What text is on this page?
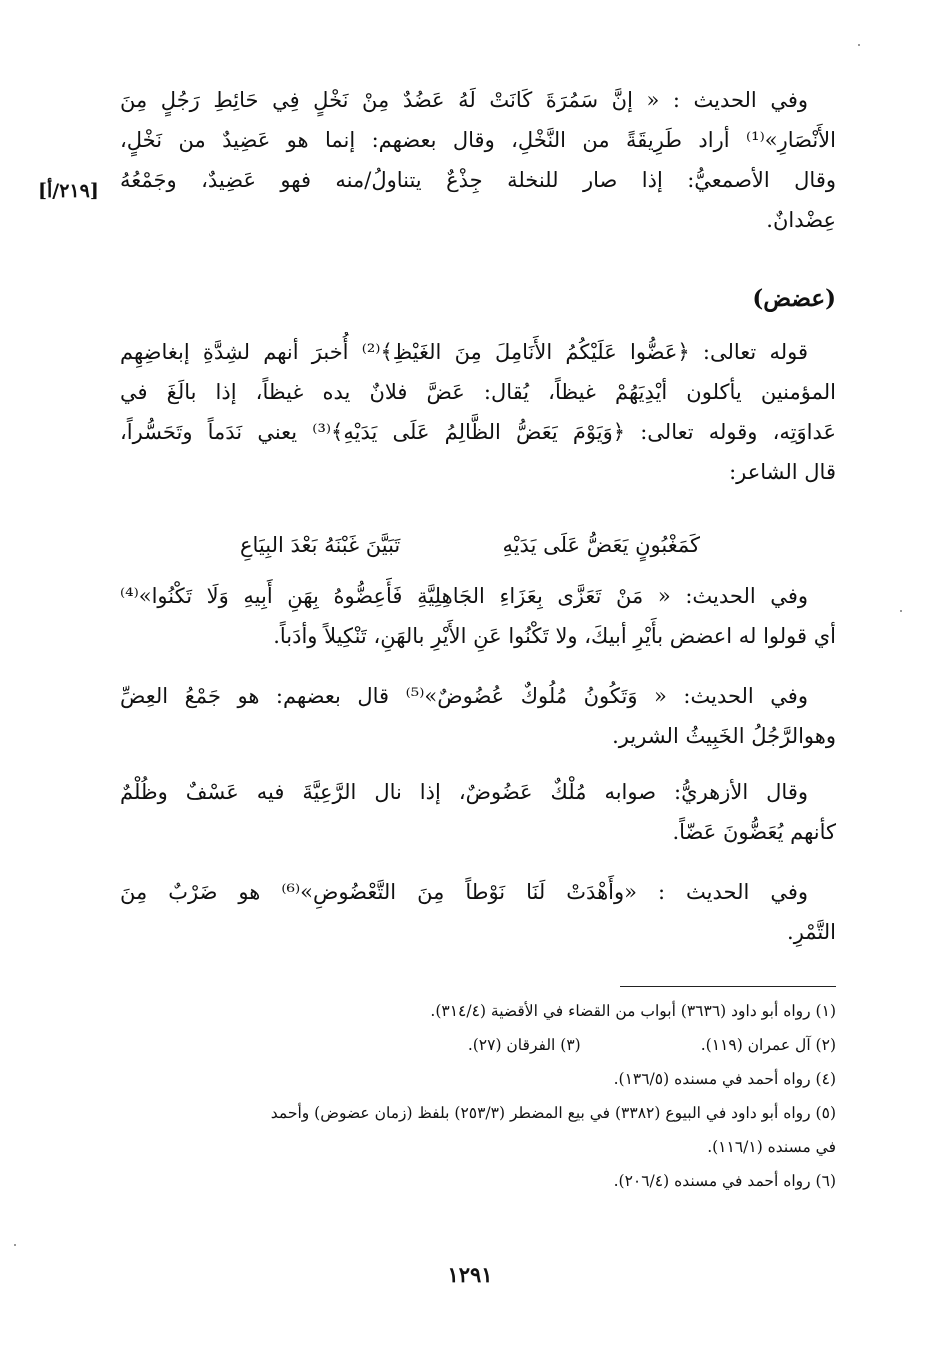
وفي الحديث : « إنَّ سَمُرَةَ كَانَتْ لَهُ عَضُدٌ مِنْ نَخْلٍ فِي حَائِطِ رَجُلٍ مِنَ
الأَنْصَارِ»⁽¹⁾ أراد طَرِيقَةً من النَّخْلِ، وقال بعضهم: إنما هو عَضِيدٌ من نَخْلٍ،
وقال الأصمعيُّ: إذا صار للنخلة جِذْعٌ يتناولُ/منه فهو عَضِيدٌ، وجَمْعُهُ
عِضْدانٌ.
[٢١٩/أ]
(عضض)
قوله تعالى: ﴿عَضُّوا عَلَيْكُمُ الأَنَامِلَ مِنَ الغَيْظِ﴾⁽²⁾ أُخبرَ أنهم لشِدَّةِ إبغاضِهِم
المؤمنين يأكلون أيْدِيَهُمْ غيظاً، يُقال: عَضَّ فلانٌ يده غيظاً، إذا بالَغَ في
عَداوَتِه، وقوله تعالى: ﴿وَيَوْمَ يَعَضُّ الظَّالِمُ عَلَى يَدَيْهِ﴾⁽³⁾ يعني نَدَماً وتَحَسُّراً،
قال الشاعر:
كَمَغْبُونٍ يَعَضُّ عَلَى يَدَيْهِ
تَبَيَّنَ غَبْنَهُ بَعْدَ البِيَاعِ
وفي الحديث: « مَنْ تَعَزَّى بِعَزَاءِ الجَاهِلِيَّةِ فَأَعِضُّوهُ بِهَنِ أَبِيهِ وَلَا تَكْنُوا»⁽⁴⁾
أي قولوا له اعضض بأَيْرِ أبيكَ، ولا تَكْنُوا عَنِ الأَيْرِ بالهَنِ، تَنْكِيلاً وأدَباً.
وفي الحديث: « وَتَكُونُ مُلُوكٌ عُضُوضٌ»⁽⁵⁾ قال بعضهم: هو جَمْعُ العِضِّ
وهوالرَّجُلُ الخَبِيثُ الشرير.
وقال الأزهريُّ: صوابه مُلْكٌ عَضُوضٌ، إذا نال الرَّعِيَّةَ فيه عَسْفٌ وظُلْمٌ
كأنهم يُعَضُّونَ عَضّاً.
وفي الحديث : «وأَهْدَتْ لَنَا نَوْطاً مِنَ التَّعْضُوضِ»⁽⁶⁾ هو ضَرْبٌ مِنَ
التَّمْرِ.
(١) رواه أبو داود (٣٦٣٦) أبواب من القضاء في الأقضية (٣١٤/٤).
(٢) آل عمران (١١٩).
(٣) الفرقان (٢٧).
(٤) رواه أحمد في مسنده (١٣٦/٥).
(٥) رواه أبو داود في البيوع (٣٣٨٢) في بيع المضطر (٢٥٣/٣) بلفظ (زمان عضوض) وأحمد
في مسنده (١١٦/١).
(٦) رواه أحمد في مسنده (٢٠٦/٤).
١٢٩١
